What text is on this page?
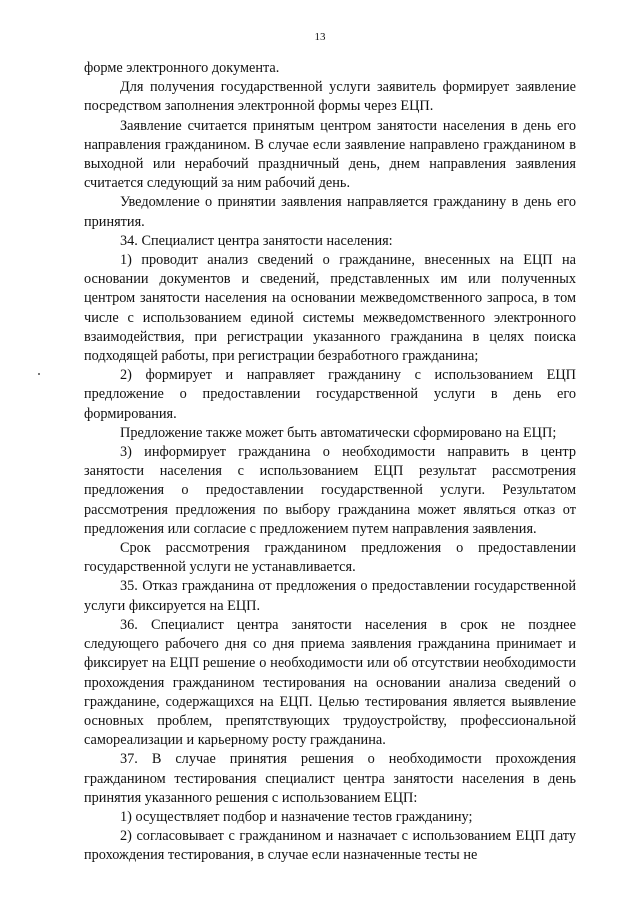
13

форме электронного документа.

Для получения государственной услуги заявитель формирует заявление посредством заполнения электронной формы через ЕЦП.

Заявление считается принятым центром занятости населения в день его направления гражданином. В случае если заявление направлено гражданином в выходной или нерабочий праздничный день, днем направления заявления считается следующий за ним рабочий день.

Уведомление о принятии заявления направляется гражданину в день его принятия.

34. Специалист центра занятости населения:

1) проводит анализ сведений о гражданине, внесенных на ЕЦП на основании документов и сведений, представленных им или полученных центром занятости населения на основании межведомственного запроса, в том числе с использованием единой системы межведомственного электронного взаимодействия, при регистрации указанного гражданина в целях поиска подходящей работы, при регистрации безработного гражданина;

2) формирует и направляет гражданину с использованием ЕЦП предложение о предоставлении государственной услуги в день его формирования.

Предложение также может быть автоматически сформировано на ЕЦП;

3) информирует гражданина о необходимости направить в центр занятости населения с использованием ЕЦП результат рассмотрения предложения о предоставлении государственной услуги. Результатом рассмотрения предложения по выбору гражданина может являться отказ от предложения или согласие с предложением путем направления заявления.

Срок рассмотрения гражданином предложения о предоставлении государственной услуги не устанавливается.

35. Отказ гражданина от предложения о предоставлении государственной услуги фиксируется на ЕЦП.

36. Специалист центра занятости населения в срок не позднее следующего рабочего дня со дня приема заявления гражданина принимает и фиксирует на ЕЦП решение о необходимости или об отсутствии необходимости прохождения гражданином тестирования на основании анализа сведений о гражданине, содержащихся на ЕЦП. Целью тестирования является выявление основных проблем, препятствующих трудоустройству, профессиональной самореализации и карьерному росту гражданина.

37. В случае принятия решения о необходимости прохождения гражданином тестирования специалист центра занятости населения в день принятия указанного решения с использованием ЕЦП:

1) осуществляет подбор и назначение тестов гражданину;

2) согласовывает с гражданином и назначает с использованием ЕЦП дату прохождения тестирования, в случае если назначенные тесты не
